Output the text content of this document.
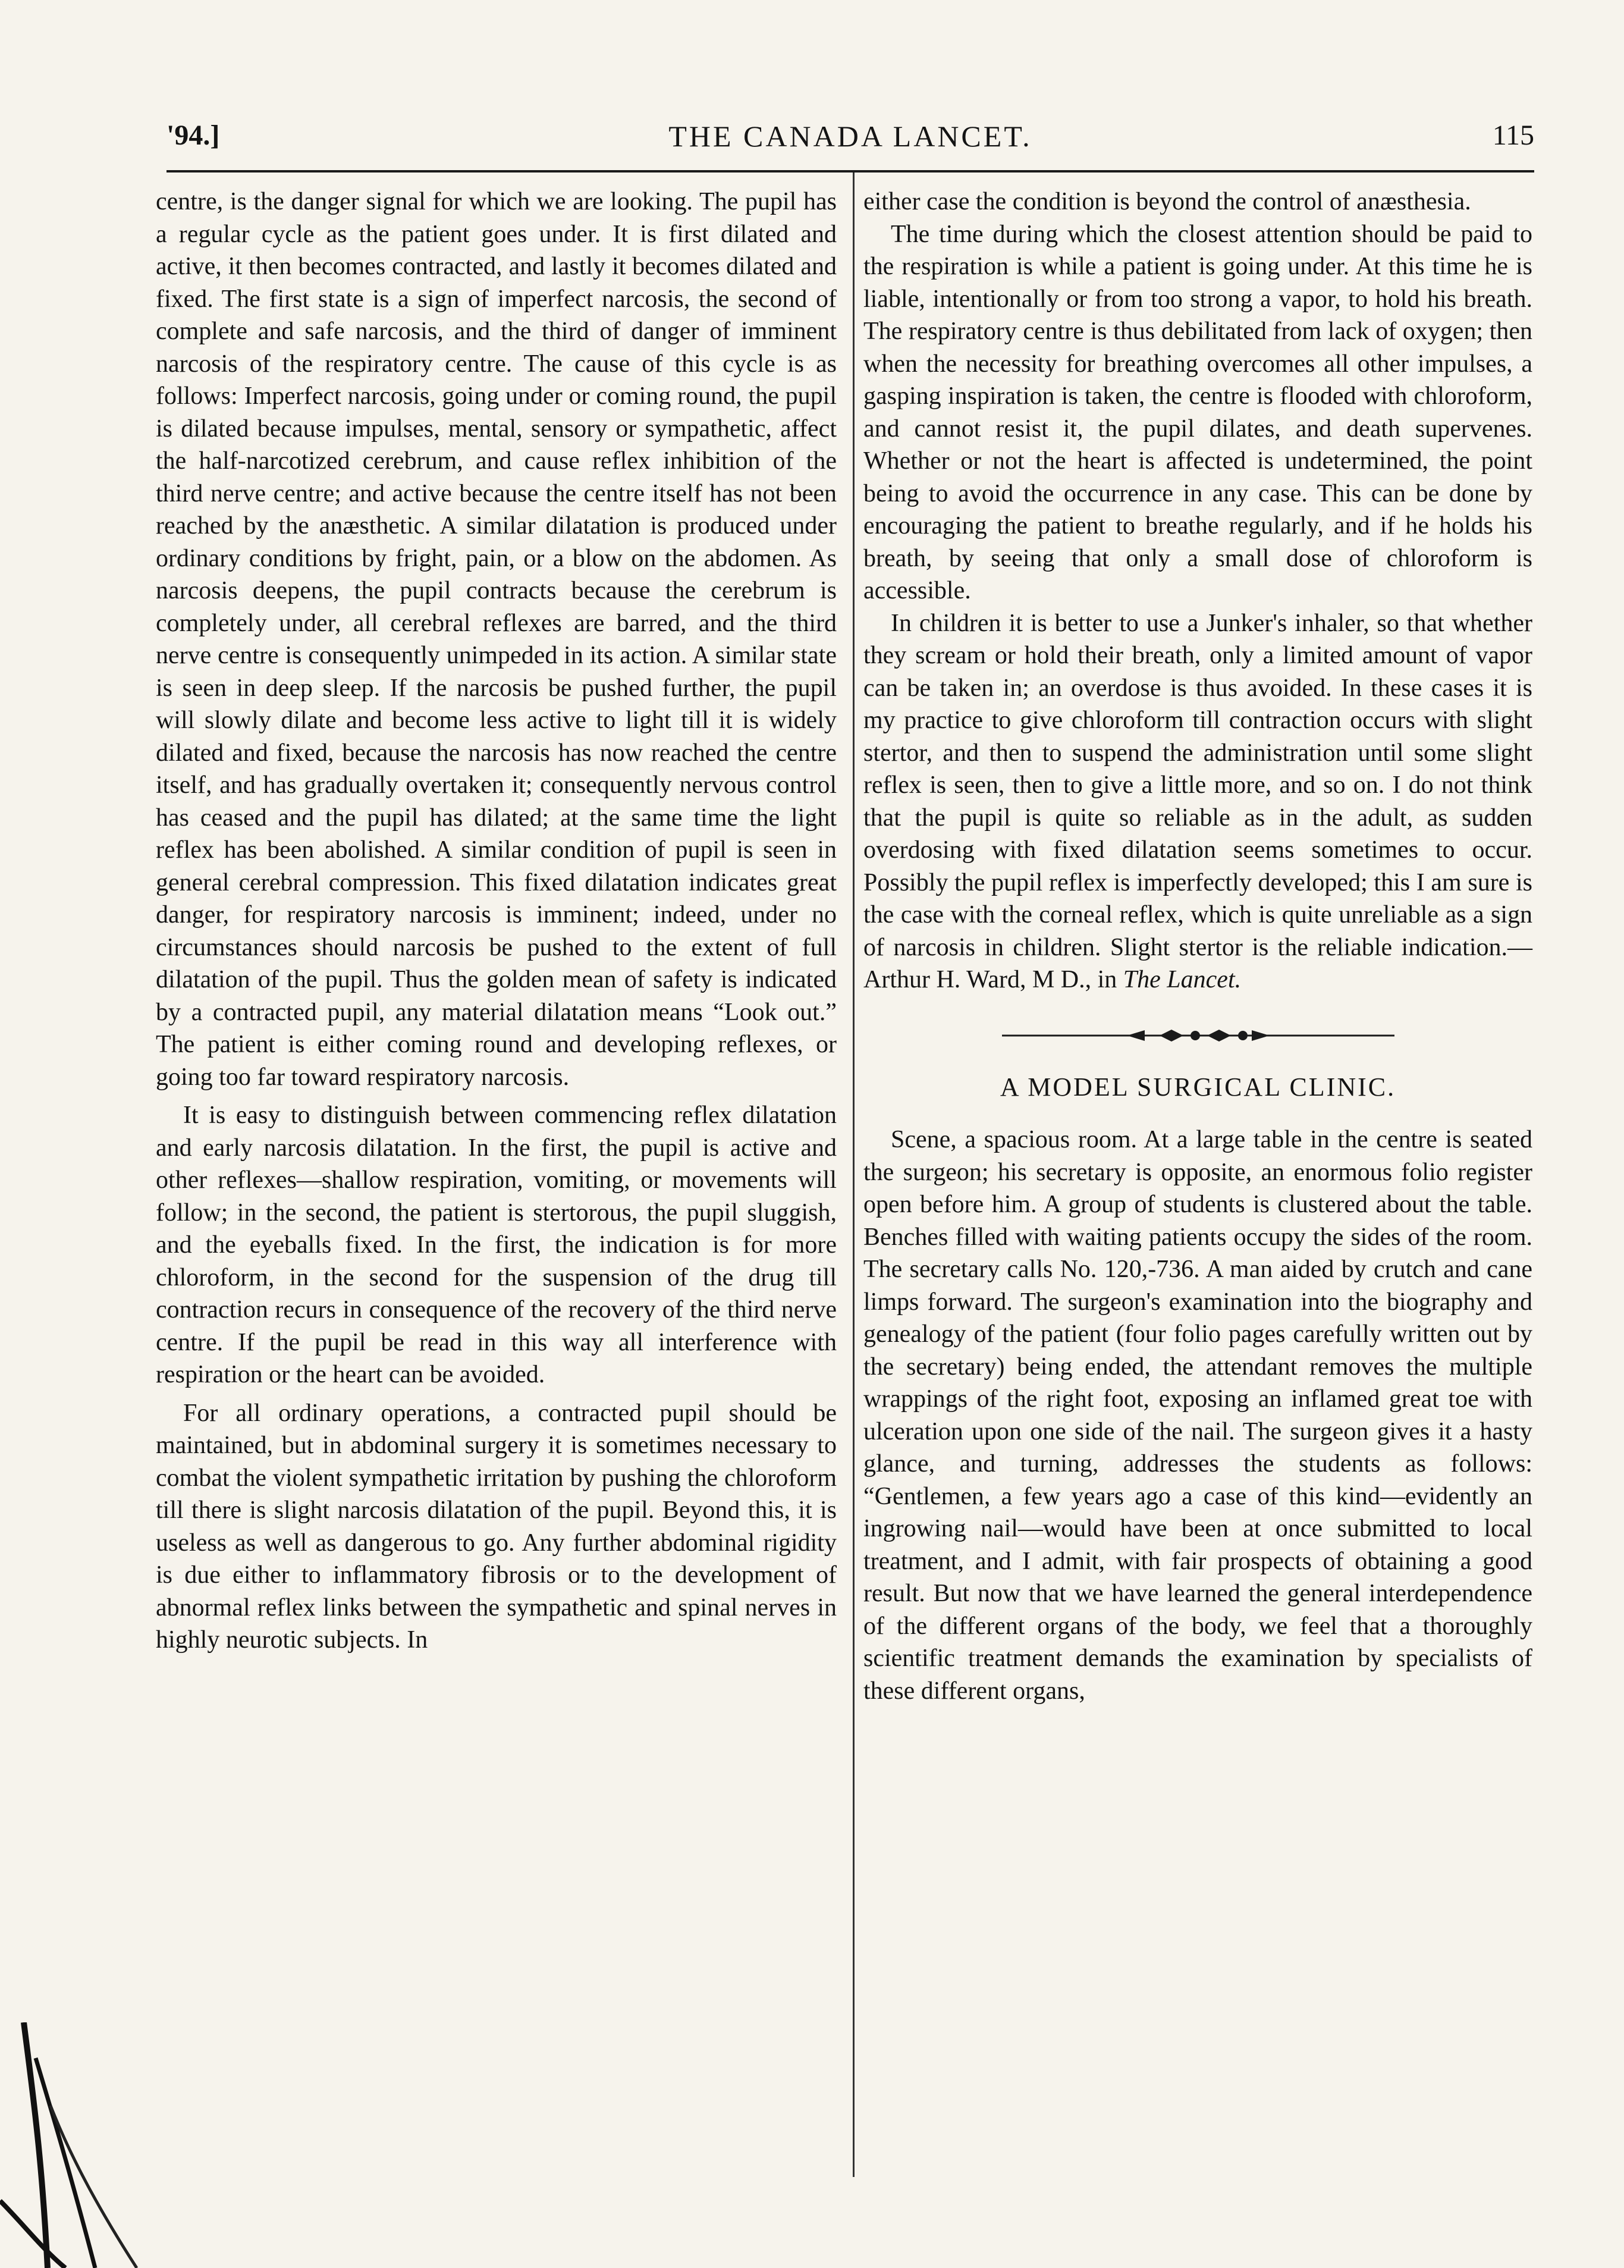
'94.]	THE CANADA LANCET.	115

centre, is the danger signal for which we are looking. The pupil has a regular cycle as the patient goes under. It is first dilated and active, it then becomes contracted, and lastly it becomes dilated and fixed. The first state is a sign of imperfect narcosis, the second of complete and safe narcosis, and the third of danger of imminent narcosis of the respiratory centre. The cause of this cycle is as follows: Imperfect narcosis, going under or coming round, the pupil is dilated because impulses, mental, sensory or sympathetic, affect the half-narcotized cerebrum, and cause reflex inhibition of the third nerve centre; and active because the centre itself has not been reached by the anæsthetic. A similar dilatation is produced under ordinary conditions by fright, pain, or a blow on the abdomen. As narcosis deepens, the pupil contracts because the cerebrum is completely under, all cerebral reflexes are barred, and the third nerve centre is consequently unimpeded in its action. A similar state is seen in deep sleep. If the narcosis be pushed further, the pupil will slowly dilate and become less active to light till it is widely dilated and fixed, because the narcosis has now reached the centre itself, and has gradually overtaken it; consequently nervous control has ceased and the pupil has dilated; at the same time the light reflex has been abolished. A similar condition of pupil is seen in general cerebral compression. This fixed dilatation indicates great danger, for respiratory narcosis is imminent; indeed, under no circumstances should narcosis be pushed to the extent of full dilatation of the pupil. Thus the golden mean of safety is indicated by a contracted pupil, any material dilatation means “Look out.” The patient is either coming round and developing reflexes, or going too far toward respiratory narcosis.

It is easy to distinguish between commencing reflex dilatation and early narcosis dilatation. In the first, the pupil is active and other reflexes—shallow respiration, vomiting, or movements will follow; in the second, the patient is stertorous, the pupil sluggish, and the eyeballs fixed. In the first, the indication is for more chloroform, in the second for the suspension of the drug till contraction recurs in consequence of the recovery of the third nerve centre. If the pupil be read in this way all interference with respiration or the heart can be avoided.

For all ordinary operations, a contracted pupil should be maintained, but in abdominal surgery it is sometimes necessary to combat the violent sympathetic irritation by pushing the chloroform till there is slight narcosis dilatation of the pupil. Beyond this, it is useless as well as dangerous to go. Any further abdominal rigidity is due either to inflammatory fibrosis or to the development of abnormal reflex links between the sympathetic and spinal nerves in highly neurotic subjects. In

either case the condition is beyond the control of anæsthesia.

The time during which the closest attention should be paid to the respiration is while a patient is going under. At this time he is liable, intentionally or from too strong a vapor, to hold his breath. The respiratory centre is thus debilitated from lack of oxygen; then when the necessity for breathing overcomes all other impulses, a gasping inspiration is taken, the centre is flooded with chloroform, and cannot resist it, the pupil dilates, and death supervenes. Whether or not the heart is affected is undetermined, the point being to avoid the occurrence in any case. This can be done by encouraging the patient to breathe regularly, and if he holds his breath, by seeing that only a small dose of chloroform is accessible.

In children it is better to use a Junker's inhaler, so that whether they scream or hold their breath, only a limited amount of vapor can be taken in; an overdose is thus avoided. In these cases it is my practice to give chloroform till contraction occurs with slight stertor, and then to suspend the administration until some slight reflex is seen, then to give a little more, and so on. I do not think that the pupil is quite so reliable as in the adult, as sudden overdosing with fixed dilatation seems sometimes to occur. Possibly the pupil reflex is imperfectly developed; this I am sure is the case with the corneal reflex, which is quite unreliable as a sign of narcosis in children. Slight stertor is the reliable indication.—Arthur H. Ward, M D., in The Lancet.

A MODEL SURGICAL CLINIC.

Scene, a spacious room. At a large table in the centre is seated the surgeon; his secretary is opposite, an enormous folio register open before him. A group of students is clustered about the table. Benches filled with waiting patients occupy the sides of the room. The secretary calls No. 120,-736. A man aided by crutch and cane limps forward. The surgeon's examination into the biography and genealogy of the patient (four folio pages carefully written out by the secretary) being ended, the attendant removes the multiple wrappings of the right foot, exposing an inflamed great toe with ulceration upon one side of the nail. The surgeon gives it a hasty glance, and turning, addresses the students as follows: “Gentlemen, a few years ago a case of this kind—evidently an ingrowing nail—would have been at once submitted to local treatment, and I admit, with fair prospects of obtaining a good result. But now that we have learned the general interdependence of the different organs of the body, we feel that a thoroughly scientific treatment demands the examination by specialists of these different organs,
